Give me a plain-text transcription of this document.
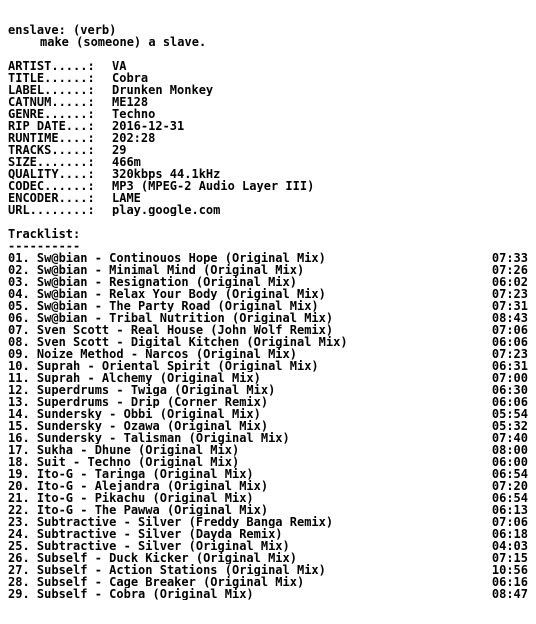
enslave: (verb)
make (someone) a slave.
ARTIST.....:	VA
TITLE......:	Cobra
LABEL......:	Drunken Monkey
CATNUM.....:	ME128
GENRE......:	Techno
RIP DATE...:	2016-12-31
RUNTIME....:	202:28
TRACKS.....:	29
SIZE.......:	466m
QUALITY....:	320kbps 44.1kHz
CODEC......:	MP3 (MPEG-2 Audio Layer III)
ENCODER....:	LAME
URL........:	play.google.com
Tracklist:
----------
01. Sw@bian - Continouos Hope (Original Mix)	07:33
02. Sw@bian - Minimal Mind (Original Mix)	07:26
03. Sw@bian - Resignation (Original Mix)	06:02
04. Sw@bian - Relax Your Body (Original Mix)	07:23
05. Sw@bian - The Party Road (Original Mix)	07:31
06. Sw@bian - Tribal Nutrition (Original Mix)	08:43
07. Sven Scott - Real House (John Wolf Remix)	07:06
08. Sven Scott - Digital Kitchen (Original Mix)	06:06
09. Noize Method - Narcos (Original Mix)	07:23
10. Suprah - Oriental Spirit (Original Mix)	06:31
11. Suprah - Alchemy (Original Mix)	07:00
12. Superdrums - Twiga (Original Mix)	06:30
13. Superdrums - Drip (Corner Remix)	06:06
14. Sundersky - Obbi (Original Mix)	05:54
15. Sundersky - Ozawa (Original Mix)	05:32
16. Sundersky - Talisman (Original Mix)	07:40
17. Sukha - Dhune (Original Mix)	08:00
18. Suit - Techno (Original Mix)	06:00
19. Ito-G - Taringa (Original Mix)	06:54
20. Ito-G - Alejandra (Original Mix)	07:20
21. Ito-G - Pikachu (Original Mix)	06:54
22. Ito-G - The Pawwa (Original Mix)	06:13
23. Subtractive - Silver (Freddy Banga Remix)	07:06
24. Subtractive - Silver (Dayda Remix)	06:18
25. Subtractive - Silver (Original Mix)	04:03
26. Subself - Duck Kicker (Original Mix)	07:15
27. Subself - Action Stations (Original Mix)	10:56
28. Subself - Cage Breaker (Original Mix)	06:16
29. Subself - Cobra (Original Mix)	08:47
